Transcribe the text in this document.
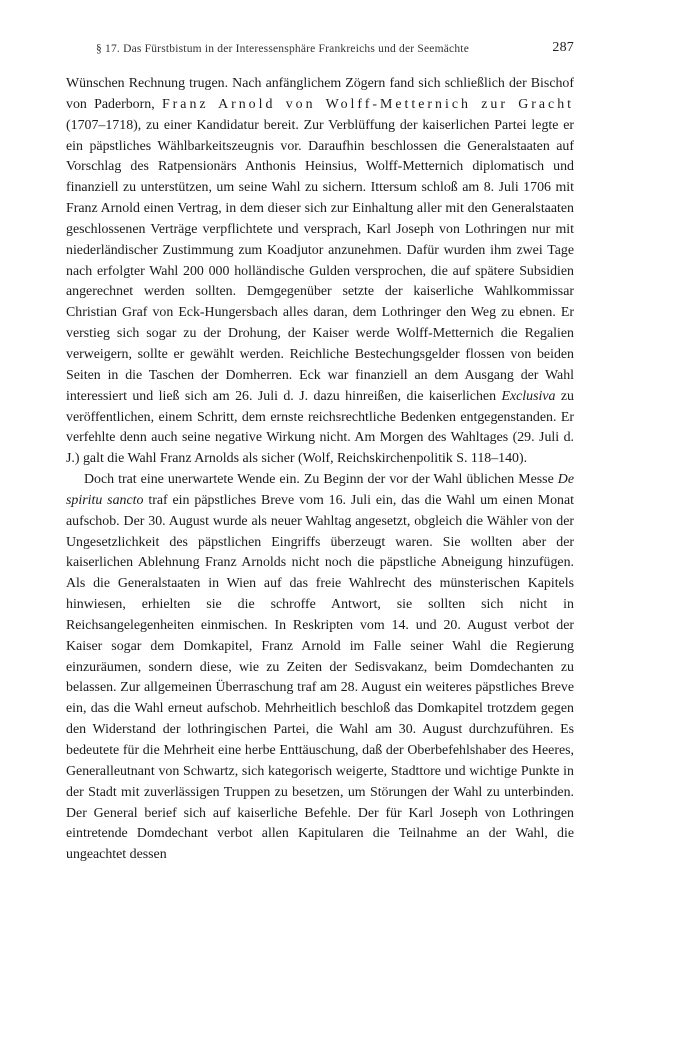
§ 17. Das Fürstbistum in der Interessensphäre Frankreichs und der Seemächte	287

Wünschen Rechnung trugen. Nach anfänglichem Zögern fand sich schließlich der Bischof von Paderborn, Franz Arnold von Wolff-Metternich zur Gracht (1707–1718), zu einer Kandidatur bereit. Zur Verblüffung der kaiserlichen Partei legte er ein päpstliches Wählbarkeitszeugnis vor. Daraufhin beschlossen die Generalstaaten auf Vorschlag des Ratpensionärs Anthonis Heinsius, Wolff-Metternich diplomatisch und finanziell zu unterstützen, um seine Wahl zu sichern. Ittersum schloß am 8. Juli 1706 mit Franz Arnold einen Vertrag, in dem dieser sich zur Einhaltung aller mit den Generalstaaten geschlossenen Verträge verpflichtete und versprach, Karl Joseph von Lothringen nur mit niederländischer Zustimmung zum Koadjutor anzunehmen. Dafür wurden ihm zwei Tage nach erfolgter Wahl 200 000 holländische Gulden versprochen, die auf spätere Subsidien angerechnet werden sollten. Demgegenüber setzte der kaiserliche Wahlkommissar Christian Graf von Eck-Hungersbach alles daran, dem Lothringer den Weg zu ebnen. Er verstieg sich sogar zu der Drohung, der Kaiser werde Wolff-Metternich die Regalien verweigern, sollte er gewählt werden. Reichliche Bestechungsgelder flossen von beiden Seiten in die Taschen der Domherren. Eck war finanziell an dem Ausgang der Wahl interessiert und ließ sich am 26. Juli d. J. dazu hinreißen, die kaiserlichen Exclusiva zu veröffentlichen, einem Schritt, dem ernste reichsrechtliche Bedenken entgegenstanden. Er verfehlte denn auch seine negative Wirkung nicht. Am Morgen des Wahltages (29. Juli d. J.) galt die Wahl Franz Arnolds als sicher (Wolf, Reichskirchenpolitik S. 118–140).

Doch trat eine unerwartete Wende ein. Zu Beginn der vor der Wahl üblichen Messe De spiritu sancto traf ein päpstliches Breve vom 16. Juli ein, das die Wahl um einen Monat aufschob. Der 30. August wurde als neuer Wahltag angesetzt, obgleich die Wähler von der Ungesetzlichkeit des päpstlichen Eingriffs überzeugt waren. Sie wollten aber der kaiserlichen Ablehnung Franz Arnolds nicht noch die päpstliche Abneigung hinzufügen. Als die Generalstaaten in Wien auf das freie Wahlrecht des münsterischen Kapitels hinwiesen, erhielten sie die schroffe Antwort, sie sollten sich nicht in Reichsangelegenheiten einmischen. In Reskripten vom 14. und 20. August verbot der Kaiser sogar dem Domkapitel, Franz Arnold im Falle seiner Wahl die Regierung einzuräumen, sondern diese, wie zu Zeiten der Sedisvakanz, beim Domdechanten zu belassen. Zur allgemeinen Überraschung traf am 28. August ein weiteres päpstliches Breve ein, das die Wahl erneut aufschob. Mehrheitlich beschloß das Domkapitel trotzdem gegen den Widerstand der lothringischen Partei, die Wahl am 30. August durchzuführen. Es bedeutete für die Mehrheit eine herbe Enttäuschung, daß der Oberbefehlshaber des Heeres, Generalleutnant von Schwartz, sich kategorisch weigerte, Stadttore und wichtige Punkte in der Stadt mit zuverlässigen Truppen zu besetzen, um Störungen der Wahl zu unterbinden. Der General berief sich auf kaiserliche Befehle. Der für Karl Joseph von Lothringen eintretende Domdechant verbot allen Kapitularen die Teilnahme an der Wahl, die ungeachtet dessen
